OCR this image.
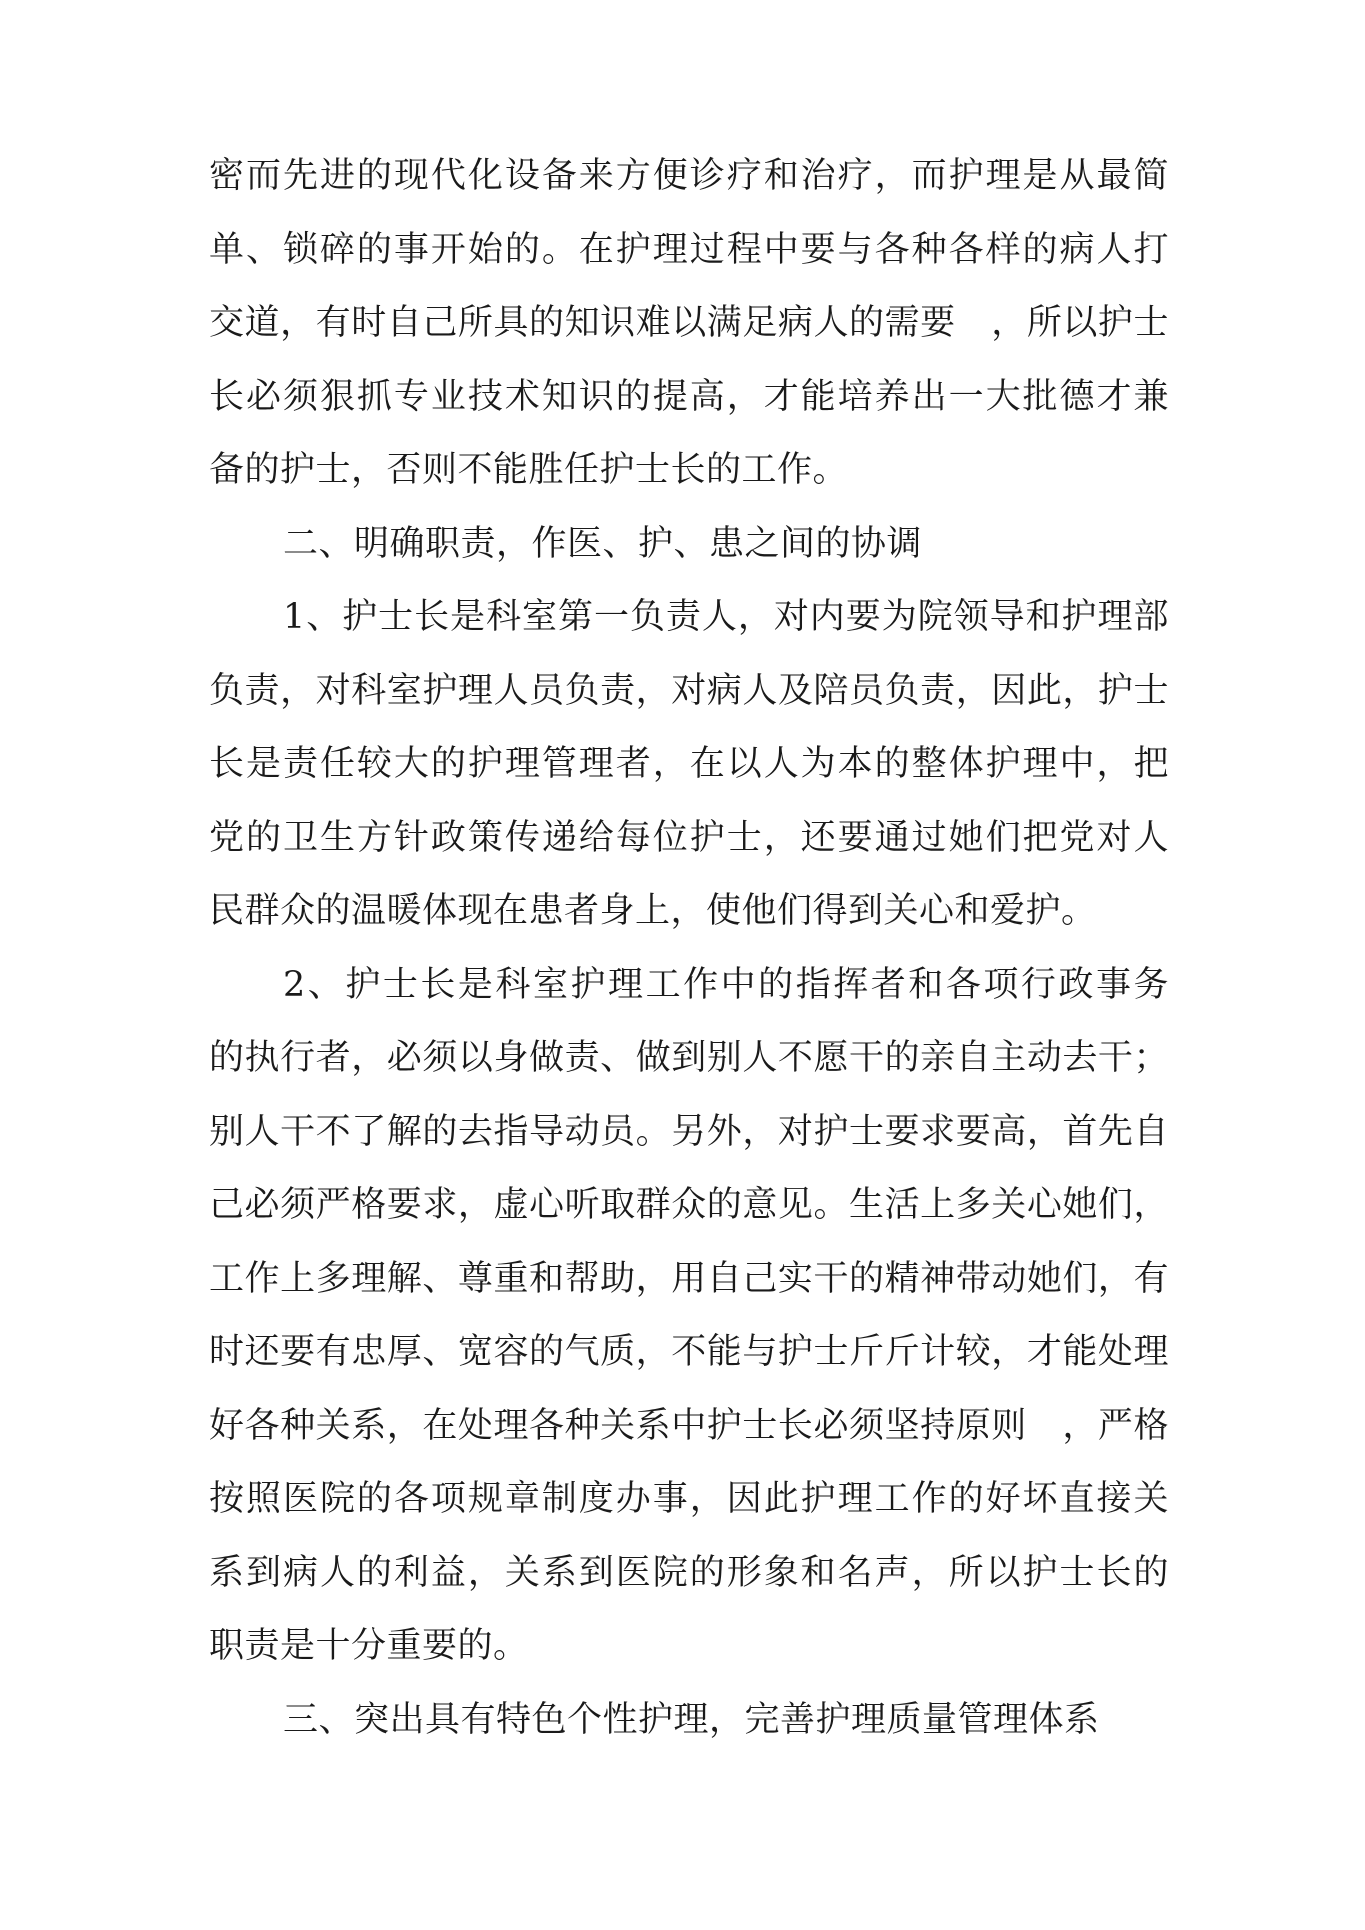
密而先进的现代化设备来方便诊疗和治疗，而护理是从最简
单、锁碎的事开始的。在护理过程中要与各种各样的病人打
交道，有时自己所具的知识难以满足病人的需要　，所以护士
长必须狠抓专业技术知识的提高，才能培养出一大批德才兼
备的护士，否则不能胜任护士长的工作。
二、明确职责，作医、护、患之间的协调
1、护士长是科室第一负责人，对内要为院领导和护理部
负责，对科室护理人员负责，对病人及陪员负责，因此，护士
长是责任较大的护理管理者，在以人为本的整体护理中，把
党的卫生方针政策传递给每位护士，还要通过她们把党对人
民群众的温暖体现在患者身上，使他们得到关心和爱护。
2、护士长是科室护理工作中的指挥者和各项行政事务
的执行者，必须以身做责、做到别人不愿干的亲自主动去干；
别人干不了解的去指导动员。另外，对护士要求要高，首先自
己必须严格要求，虚心听取群众的意见。生活上多关心她们，
工作上多理解、尊重和帮助，用自己实干的精神带动她们，有
时还要有忠厚、宽容的气质，不能与护士斤斤计较，才能处理
好各种关系，在处理各种关系中护士长必须坚持原则　，严格
按照医院的各项规章制度办事，因此护理工作的好坏直接关
系到病人的利益，关系到医院的形象和名声，所以护士长的
职责是十分重要的。
三、突出具有特色个性护理，完善护理质量管理体系
